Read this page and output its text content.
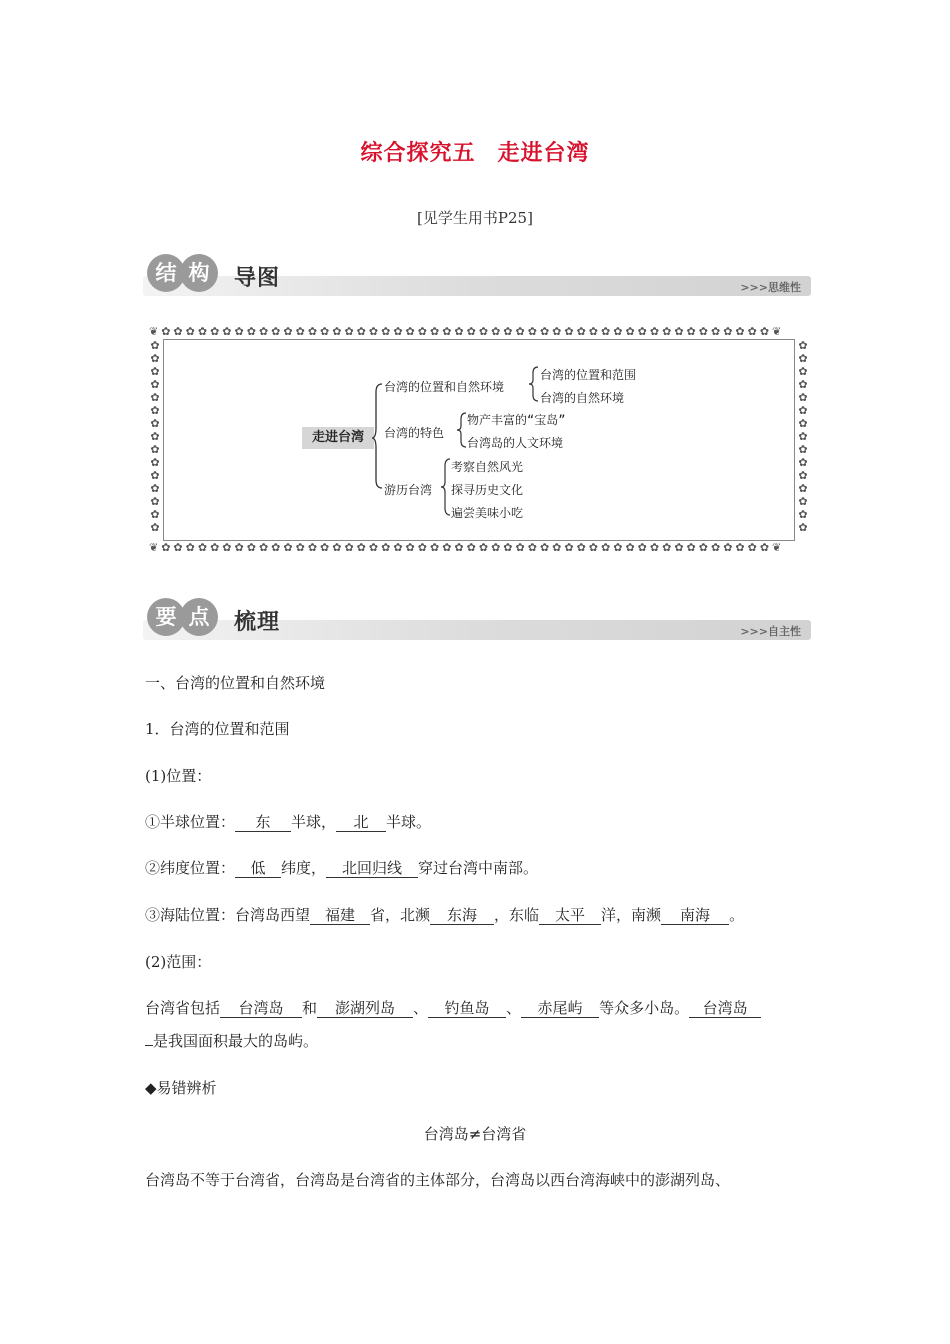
综合探究五 走进台湾
[见学生用书P25]
结 构	导图	>>>思维性
❦✿✿✿✿✿✿✿✿✿✿✿✿✿✿✿✿✿✿✿✿✿✿✿✿✿✿✿✿✿✿✿✿✿✿✿✿✿✿✿✿✿✿✿✿✿✿✿✿✿✿❦
❦✿✿✿✿✿✿✿✿✿✿✿✿✿✿✿✿✿✿✿✿✿✿✿✿✿✿✿✿✿✿✿✿✿✿✿✿✿✿✿✿✿✿✿✿✿✿✿✿✿✿❦
✿
✿
✿
✿
✿
✿
✿
✿
✿
✿
✿
✿
✿
✿
✿
✿
✿
✿
✿
✿
✿
✿
✿
✿
✿
✿
✿
✿
✿
✿
走进台湾
台湾的位置和自然环境
台湾的位置和范围
台湾的自然环境
台湾的特色
物产丰富的“宝岛”
台湾岛的人文环境
游历台湾
考察自然风光
探寻历史文化
遍尝美味小吃
要 点	梳理	>>>自主性
一、台湾的位置和自然环境
1．台湾的位置和范围
(1)位置：
①半球位置： 东 半球， 北 半球。
②纬度位置： 低 纬度， 北回归线 穿过台湾中南部。
③海陆位置：台湾岛西望 福建 省，北濒 东海 ，东临 太平 洋，南濒 南海 。
(2)范围：
台湾省包括 台湾岛 和 澎湖列岛 、 钓鱼岛 、 赤尾屿 等众多小岛。 台湾岛
是我国面积最大的岛屿。
◆易错辨析
台湾岛≠台湾省
台湾岛不等于台湾省，台湾岛是台湾省的主体部分，台湾岛以西台湾海峡中的澎湖列岛、
